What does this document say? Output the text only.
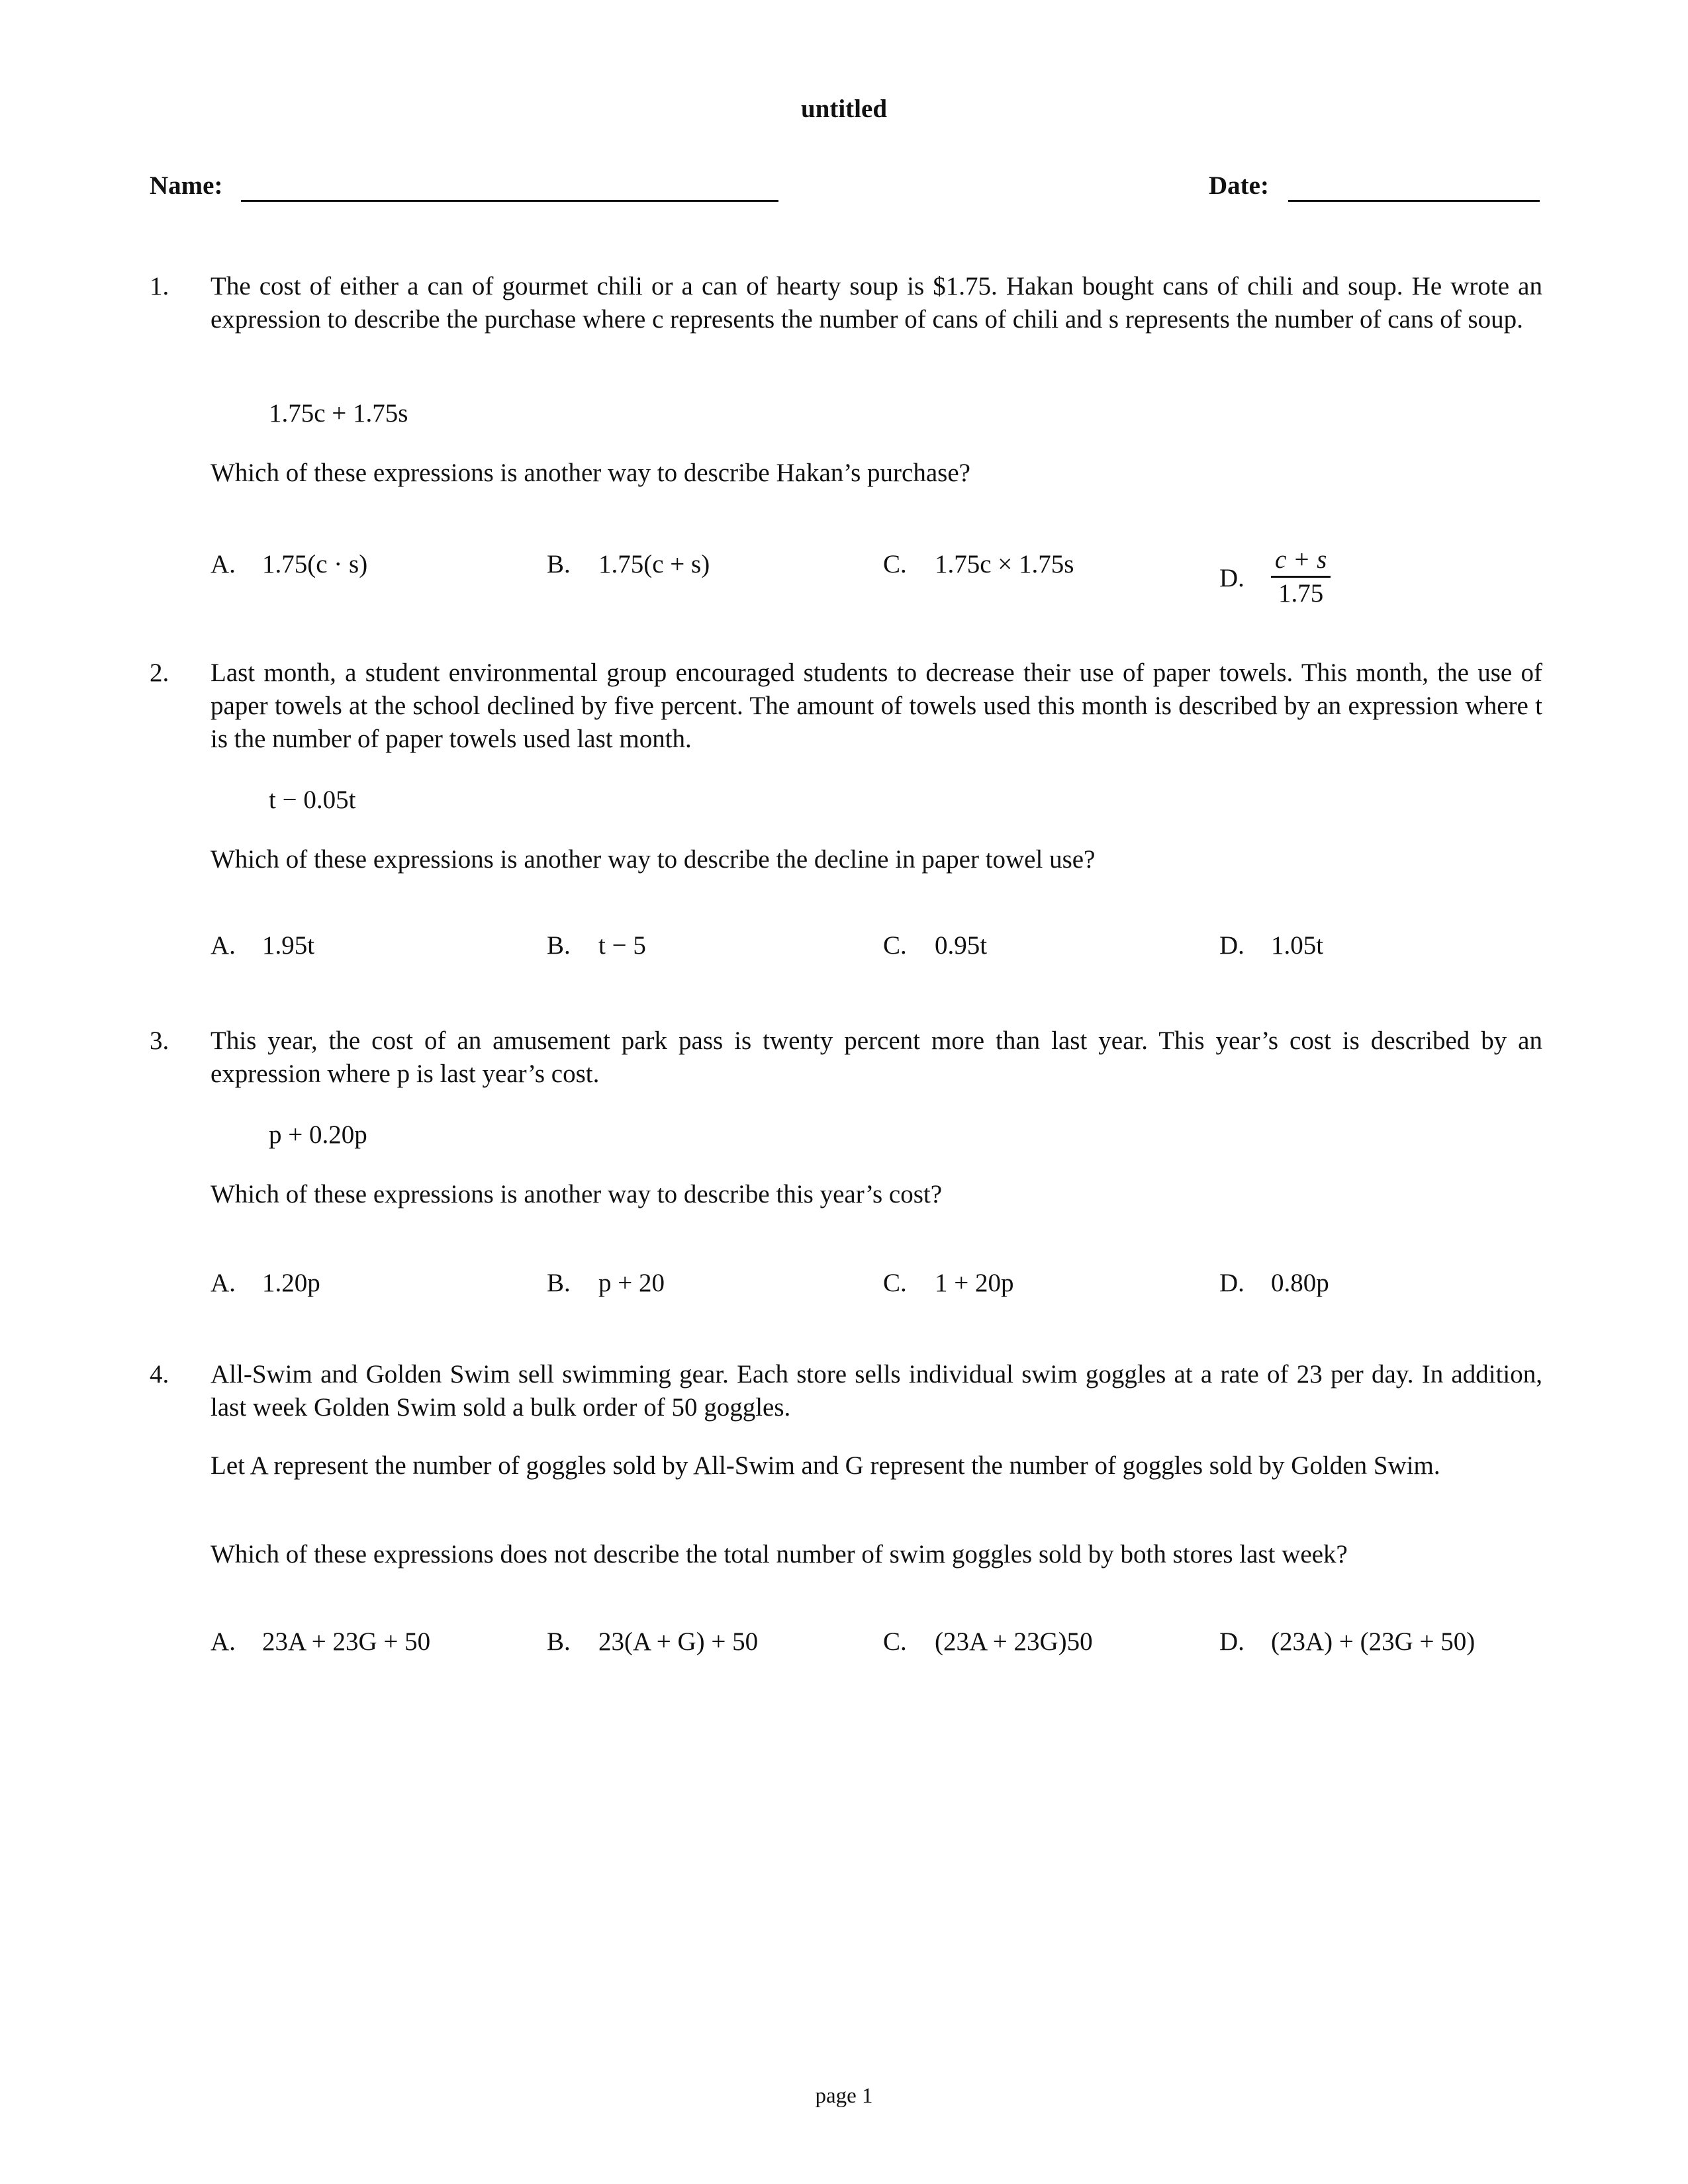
untitled
Name:	Date:
1. The cost of either a can of gourmet chili or a can of hearty soup is $1.75. Hakan bought cans of chili and soup. He wrote an expression to describe the purchase where c represents the number of cans of chili and s represents the number of cans of soup.

1.75c + 1.75s
Which of these expressions is another way to describe Hakan’s purchase?
A. 1.75(c · s)	B. 1.75(c + s)	C. 1.75c × 1.75s	D. $\frac{c + s}{1.75}$
2. Last month, a student environmental group encouraged students to decrease their use of paper towels. This month, the use of paper towels at the school declined by five percent. The amount of towels used this month is described by an expression where t is the number of paper towels used last month.

t − 0.05t
Which of these expressions is another way to describe the decline in paper towel use?
A. 1.95t	B. t − 5	C. 0.95t	D. 1.05t
3. This year, the cost of an amusement park pass is twenty percent more than last year. This year’s cost is described by an expression where p is last year’s cost.

p + 0.20p
Which of these expressions is another way to describe this year’s cost?
A. 1.20p	B. p + 20	C. 1 + 20p	D. 0.80p
4. All-Swim and Golden Swim sell swimming gear. Each store sells individual swim goggles at a rate of 23 per day. In addition, last week Golden Swim sold a bulk order of 50 goggles.

Let A represent the number of goggles sold by All-Swim and G represent the number of goggles sold by Golden Swim.

Which of these expressions does not describe the total number of swim goggles sold by both stores last week?
A. 23A + 23G + 50	B. 23(A + G) + 50	C. (23A + 23G)50	D. (23A) + (23G + 50)
page 1
